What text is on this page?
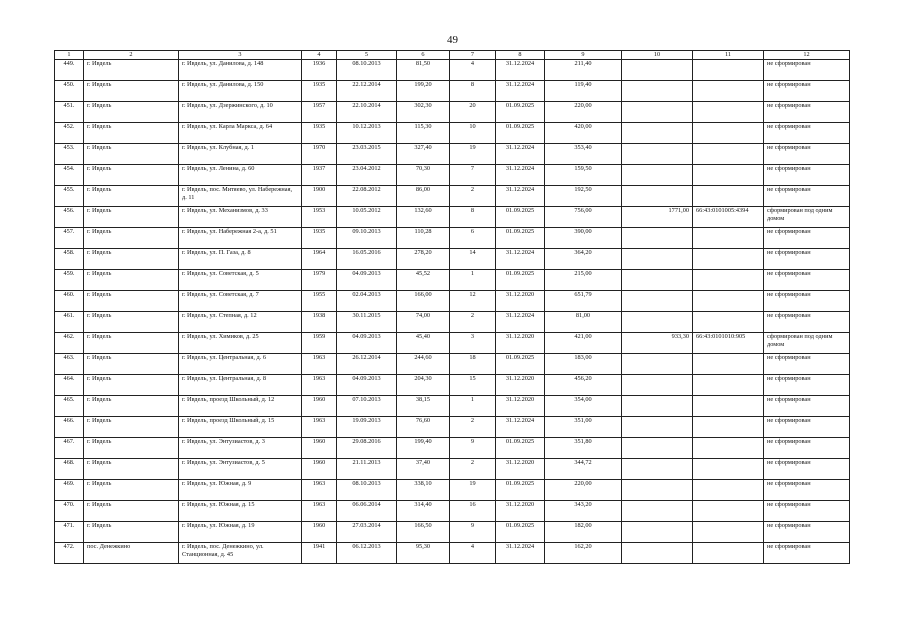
49
1	2	3	4	5	6	7	8	9	10	11	12
449.	г. Ивдель	г. Ивдель, ул. Данилова, д. 148	1936	08.10.2013	81,50	4	31.12.2024	211,40			не сформирован
450.	г. Ивдель	г. Ивдель, ул. Данилова, д. 150	1935	22.12.2014	199,20	8	31.12.2024	119,40			не сформирован
451.	г. Ивдель	г. Ивдель, ул. Дзержинского, д. 10	1957	22.10.2014	302,30	20	01.09.2025	220,00			не сформирован
452.	г. Ивдель	г. Ивдель, ул. Карла Маркса, д. 64	1935	10.12.2013	115,30	10	01.09.2025	420,00			не сформирован
453.	г. Ивдель	г. Ивдель, ул. Клубная, д. 1	1970	23.03.2015	327,40	19	31.12.2024	353,40			не сформирован
454.	г. Ивдель	г. Ивдель, ул. Ленина, д. 60	1937	23.04.2012	70,30	7	31.12.2024	159,50			не сформирован
455.	г. Ивдель	г. Ивдель, пос. Митяево, ул. Набережная, д. 11	1900	22.08.2012	86,00	2	31.12.2024	192,50			не сформирован
456.	г. Ивдель	г. Ивдель, ул. Механизмов, д. 33	1953	10.05.2012	132,60	8	01.09.2025	756,00	1771,00	66:43:0101005:4394	сформирован под одним домом
457.	г. Ивдель	г. Ивдель, ул. Набережная 2-а, д. 51	1935	09.10.2013	110,28	6	01.09.2025	390,00			не сформирован
458.	г. Ивдель	г. Ивдель, ул. П. Газа, д. 8	1964	16.05.2016	278,20	14	31.12.2024	364,20			не сформирован
459.	г. Ивдель	г. Ивдель, ул. Советская, д. 5	1979	04.09.2013	45,52	1	01.09.2025	215,00			не сформирован
460.	г. Ивдель	г. Ивдель, ул. Советская, д. 7	1955	02.04.2013	166,00	12	31.12.2020	651,79			не сформирован
461.	г. Ивдель	г. Ивдель, ул. Степная, д. 12	1938	30.11.2015	74,00	2	31.12.2024	81,00			не сформирован
462.	г. Ивдель	г. Ивдель, ул. Химиков, д. 25	1959	04.09.2013	45,40	3	31.12.2020	421,00	933,30	66:43:0101010:905	сформирован под одним домом
463.	г. Ивдель	г. Ивдель, ул. Центральная, д. 6	1963	26.12.2014	244,60	18	01.09.2025	183,00			не сформирован
464.	г. Ивдель	г. Ивдель, ул. Центральная, д. 8	1963	04.09.2013	204,30	15	31.12.2020	456,20			не сформирован
465.	г. Ивдель	г. Ивдель, проезд Школьный, д. 12	1960	07.10.2013	38,15	1	31.12.2020	354,00			не сформирован
466.	г. Ивдель	г. Ивдель, проезд Школьный, д. 15	1963	19.09.2013	76,60	2	31.12.2024	351,00			не сформирован
467.	г. Ивдель	г. Ивдель, ул. Энтузиастов, д. 3	1960	29.08.2016	199,40	9	01.09.2025	351,80			не сформирован
468.	г. Ивдель	г. Ивдель, ул. Энтузиастов, д. 5	1960	21.11.2013	37,40	2	31.12.2020	344,72			не сформирован
469.	г. Ивдель	г. Ивдель, ул. Южная, д. 9	1963	08.10.2013	338,10	19	01.09.2025	220,00			не сформирован
470.	г. Ивдель	г. Ивдель, ул. Южная, д. 15	1963	06.06.2014	314,40	16	31.12.2020	343,20			не сформирован
471.	г. Ивдель	г. Ивдель, ул. Южная, д. 19	1960	27.03.2014	166,50	9	01.09.2025	182,00			не сформирован
472.	пос. Денежкино	г. Ивдель, пос. Денежкино, ул. Станционная, д. 45	1941	06.12.2013	95,30	4	31.12.2024	162,20			не сформирован
